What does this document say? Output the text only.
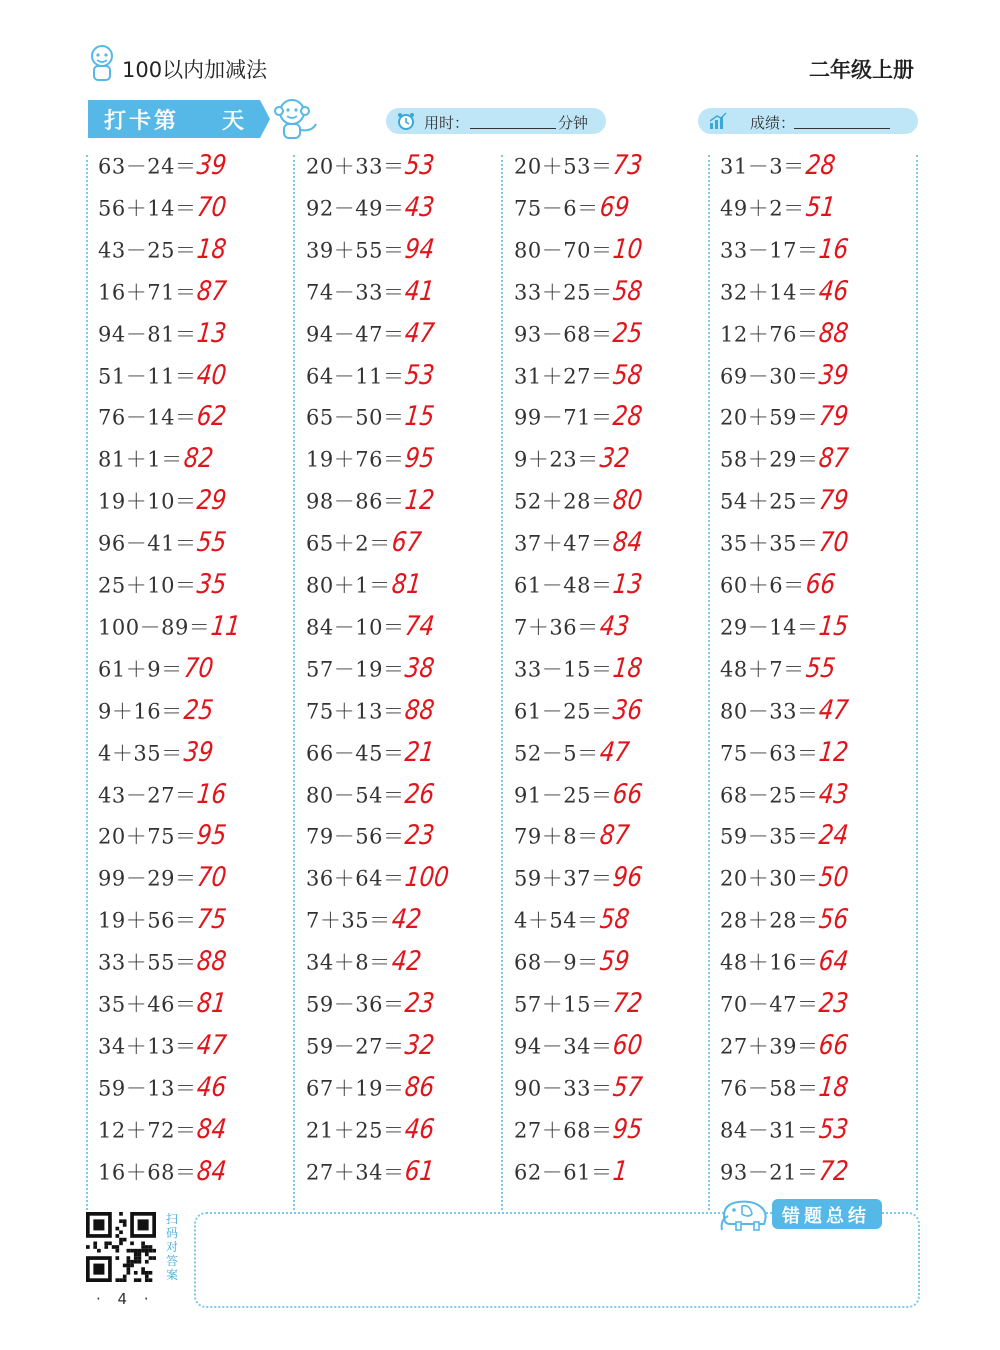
100以内加减法	二年级上册
打卡第 天	用时：	分钟	成绩：
63－24＝39
56＋14＝70
43－25＝18
16＋71＝87
94－81＝13
51－11＝40
76－14＝62
81＋1＝82
19＋10＝29
96－41＝55
25＋10＝35
100－89＝11
61＋9＝70
9＋16＝25
4＋35＝39
43－27＝16
20＋75＝95
99－29＝70
19＋56＝75
33＋55＝88
35＋46＝81
34＋13＝47
59－13＝46
12＋72＝84
16＋68＝84
20＋33＝53
92－49＝43
39＋55＝94
74－33＝41
94－47＝47
64－11＝53
65－50＝15
19＋76＝95
98－86＝12
65＋2＝67
80＋1＝81
84－10＝74
57－19＝38
75＋13＝88
66－45＝21
80－54＝26
79－56＝23
36＋64＝100
7＋35＝42
34＋8＝42
59－36＝23
59－27＝32
67＋19＝86
21＋25＝46
27＋34＝61
20＋53＝73
75－6＝69
80－70＝10
33＋25＝58
93－68＝25
31＋27＝58
99－71＝28
9＋23＝32
52＋28＝80
37＋47＝84
61－48＝13
7＋36＝43
33－15＝18
61－25＝36
52－5＝47
91－25＝66
79＋8＝87
59＋37＝96
4＋54＝58
68－9＝59
57＋15＝72
94－34＝60
90－33＝57
27＋68＝95
62－61＝1
31－3＝28
49＋2＝51
33－17＝16
32＋14＝46
12＋76＝88
69－30＝39
20＋59＝79
58＋29＝87
54＋25＝79
35＋35＝70
60＋6＝66
29－14＝15
48＋7＝55
80－33＝47
75－63＝12
68－25＝43
59－35＝24
20＋30＝50
28＋28＝56
48＋16＝64
70－47＝23
27＋39＝66
76－58＝18
84－31＝53
93－21＝72
错题总结
扫
码
对
答
案
· 4 ·
